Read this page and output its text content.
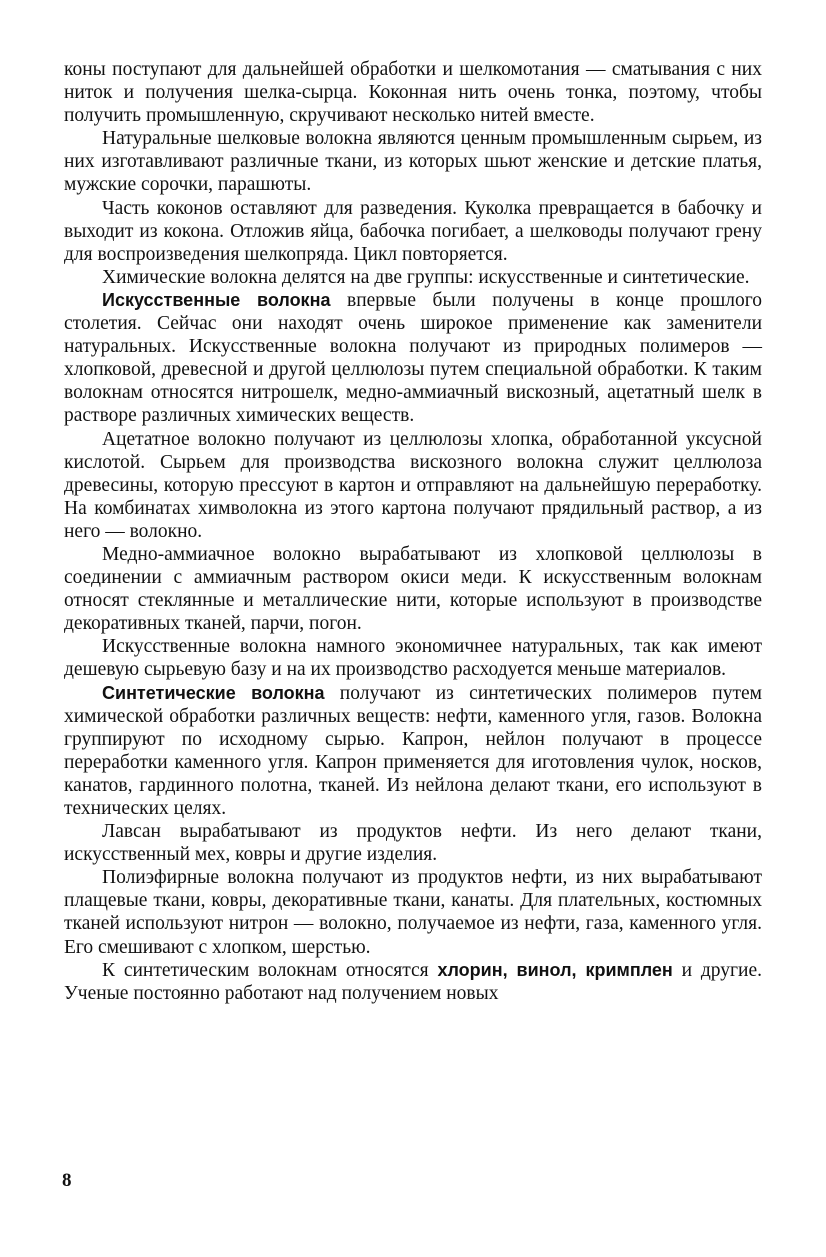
коны поступают для дальнейшей обработки и шелкомотания — сматывания с них ниток и получения шелка-сырца. Коконная нить очень тонка, поэтому, чтобы получить промышленную, скручивают несколько нитей вместе.

Натуральные шелковые волокна являются ценным промышленным сырьем, из них изготавливают различные ткани, из которых шьют женские и детские платья, мужские сорочки, парашюты.

Часть коконов оставляют для разведения. Куколка превращается в бабочку и выходит из кокона. Отложив яйца, бабочка погибает, а шелководы получают грену для воспроизведения шелкопряда. Цикл повторяется.

Химические волокна делятся на две группы: искусственные и синтетические.

Искусственные волокна впервые были получены в конце прошлого столетия. Сейчас они находят очень широкое применение как заменители натуральных. Искусственные волокна получают из природных полимеров — хлопковой, древесной и другой целлюлозы путем специальной обработки. К таким волокнам относятся нитрошелк, медно-аммиачный вискозный, ацетатный шелк в растворе различных химических веществ.

Ацетатное волокно получают из целлюлозы хлопка, обработанной уксусной кислотой. Сырьем для производства вискозного волокна служит целлюлоза древесины, которую прессуют в картон и отправляют на дальнейшую переработку. На комбинатах химволокна из этого картона получают прядильный раствор, а из него — волокно.

Медно-аммиачное волокно вырабатывают из хлопковой целлюлозы в соединении с аммиачным раствором окиси меди. К искусственным волокнам относят стеклянные и металлические нити, которые используют в производстве декоративных тканей, парчи, погон.

Искусственные волокна намного экономичнее натуральных, так как имеют дешевую сырьевую базу и на их производство расходуется меньше материалов.

Синтетические волокна получают из синтетических полимеров путем химической обработки различных веществ: нефти, каменного угля, газов. Волокна группируют по исходному сырью. Капрон, нейлон получают в процессе переработки каменного угля. Капрон применяется для иготовления чулок, носков, канатов, гардинного полотна, тканей. Из нейлона делают ткани, его используют в технических целях.

Лавсан вырабатывают из продуктов нефти. Из него делают ткани, искусственный мех, ковры и другие изделия.

Полиэфирные волокна получают из продуктов нефти, из них вырабатывают плащевые ткани, ковры, декоративные ткани, канаты. Для плательных, костюмных тканей используют нитрон — волокно, получаемое из нефти, газа, каменного угля. Его смешивают с хлопком, шерстью.

К синтетическим волокнам относятся хлорин, винол, кримплен и другие. Ученые постоянно работают над получением новых

8
